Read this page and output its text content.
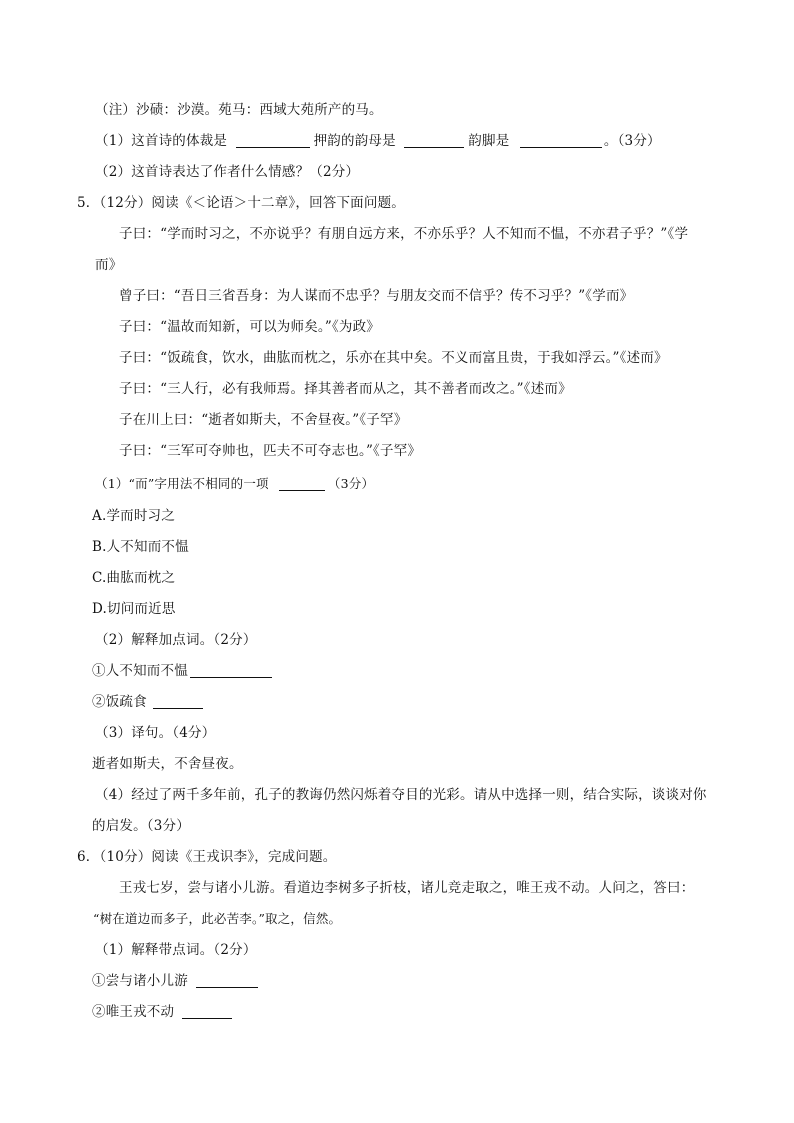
（注）沙碛：沙漠。苑马：西域大苑所产的马。
（1）这首诗的体裁是	押韵的韵母是	韵脚是	。（3分）
（2）这首诗表达了作者什么情感？（2分）
5．（12分）阅读《＜论语＞十二章》，回答下面问题。
子曰：“学而时习之，不亦说乎？有朋自远方来，不亦乐乎？人不知而不愠，不亦君子乎？”《学
而》
曾子曰：“吾日三省吾身：为人谋而不忠乎？与朋友交而不信乎？传不习乎？”《学而》
子曰：“温故而知新，可以为师矣。”《为政》
子曰：“饭疏食，饮水，曲肱而枕之，乐亦在其中矣。不义而富且贵，于我如浮云。”《述而》
子曰：“三人行，必有我师焉。择其善者而从之，其不善者而改之。”《述而》
子在川上曰：“逝者如斯夫，不舍昼夜。”《子罕》
子曰：“三军可夺帅也，匹夫不可夺志也。”《子罕》
（1）“而”字用法不相同的一项	（3分）
A.学而时习之
B.人不知而不愠
C.曲肱而枕之
D.切问而近思
（2）解释加点词。（2分）
①人不知而不愠
②饭疏食
（3）译句。（4分）
逝者如斯夫，不舍昼夜。
（4）经过了两千多年前，孔子的教诲仍然闪烁着夺目的光彩。请从中选择一则，结合实际，谈谈对你
的启发。（3分）
6．（10分）阅读《王戎识李》，完成问题。
王戎七岁，尝与诸小儿游。看道边李树多子折枝，诸儿竞走取之，唯王戎不动。人问之，答曰：
“树在道边而多子，此必苦李。”取之，信然。
（1）解释带点词。（2分）
①尝与诸小儿游
②唯王戎不动
